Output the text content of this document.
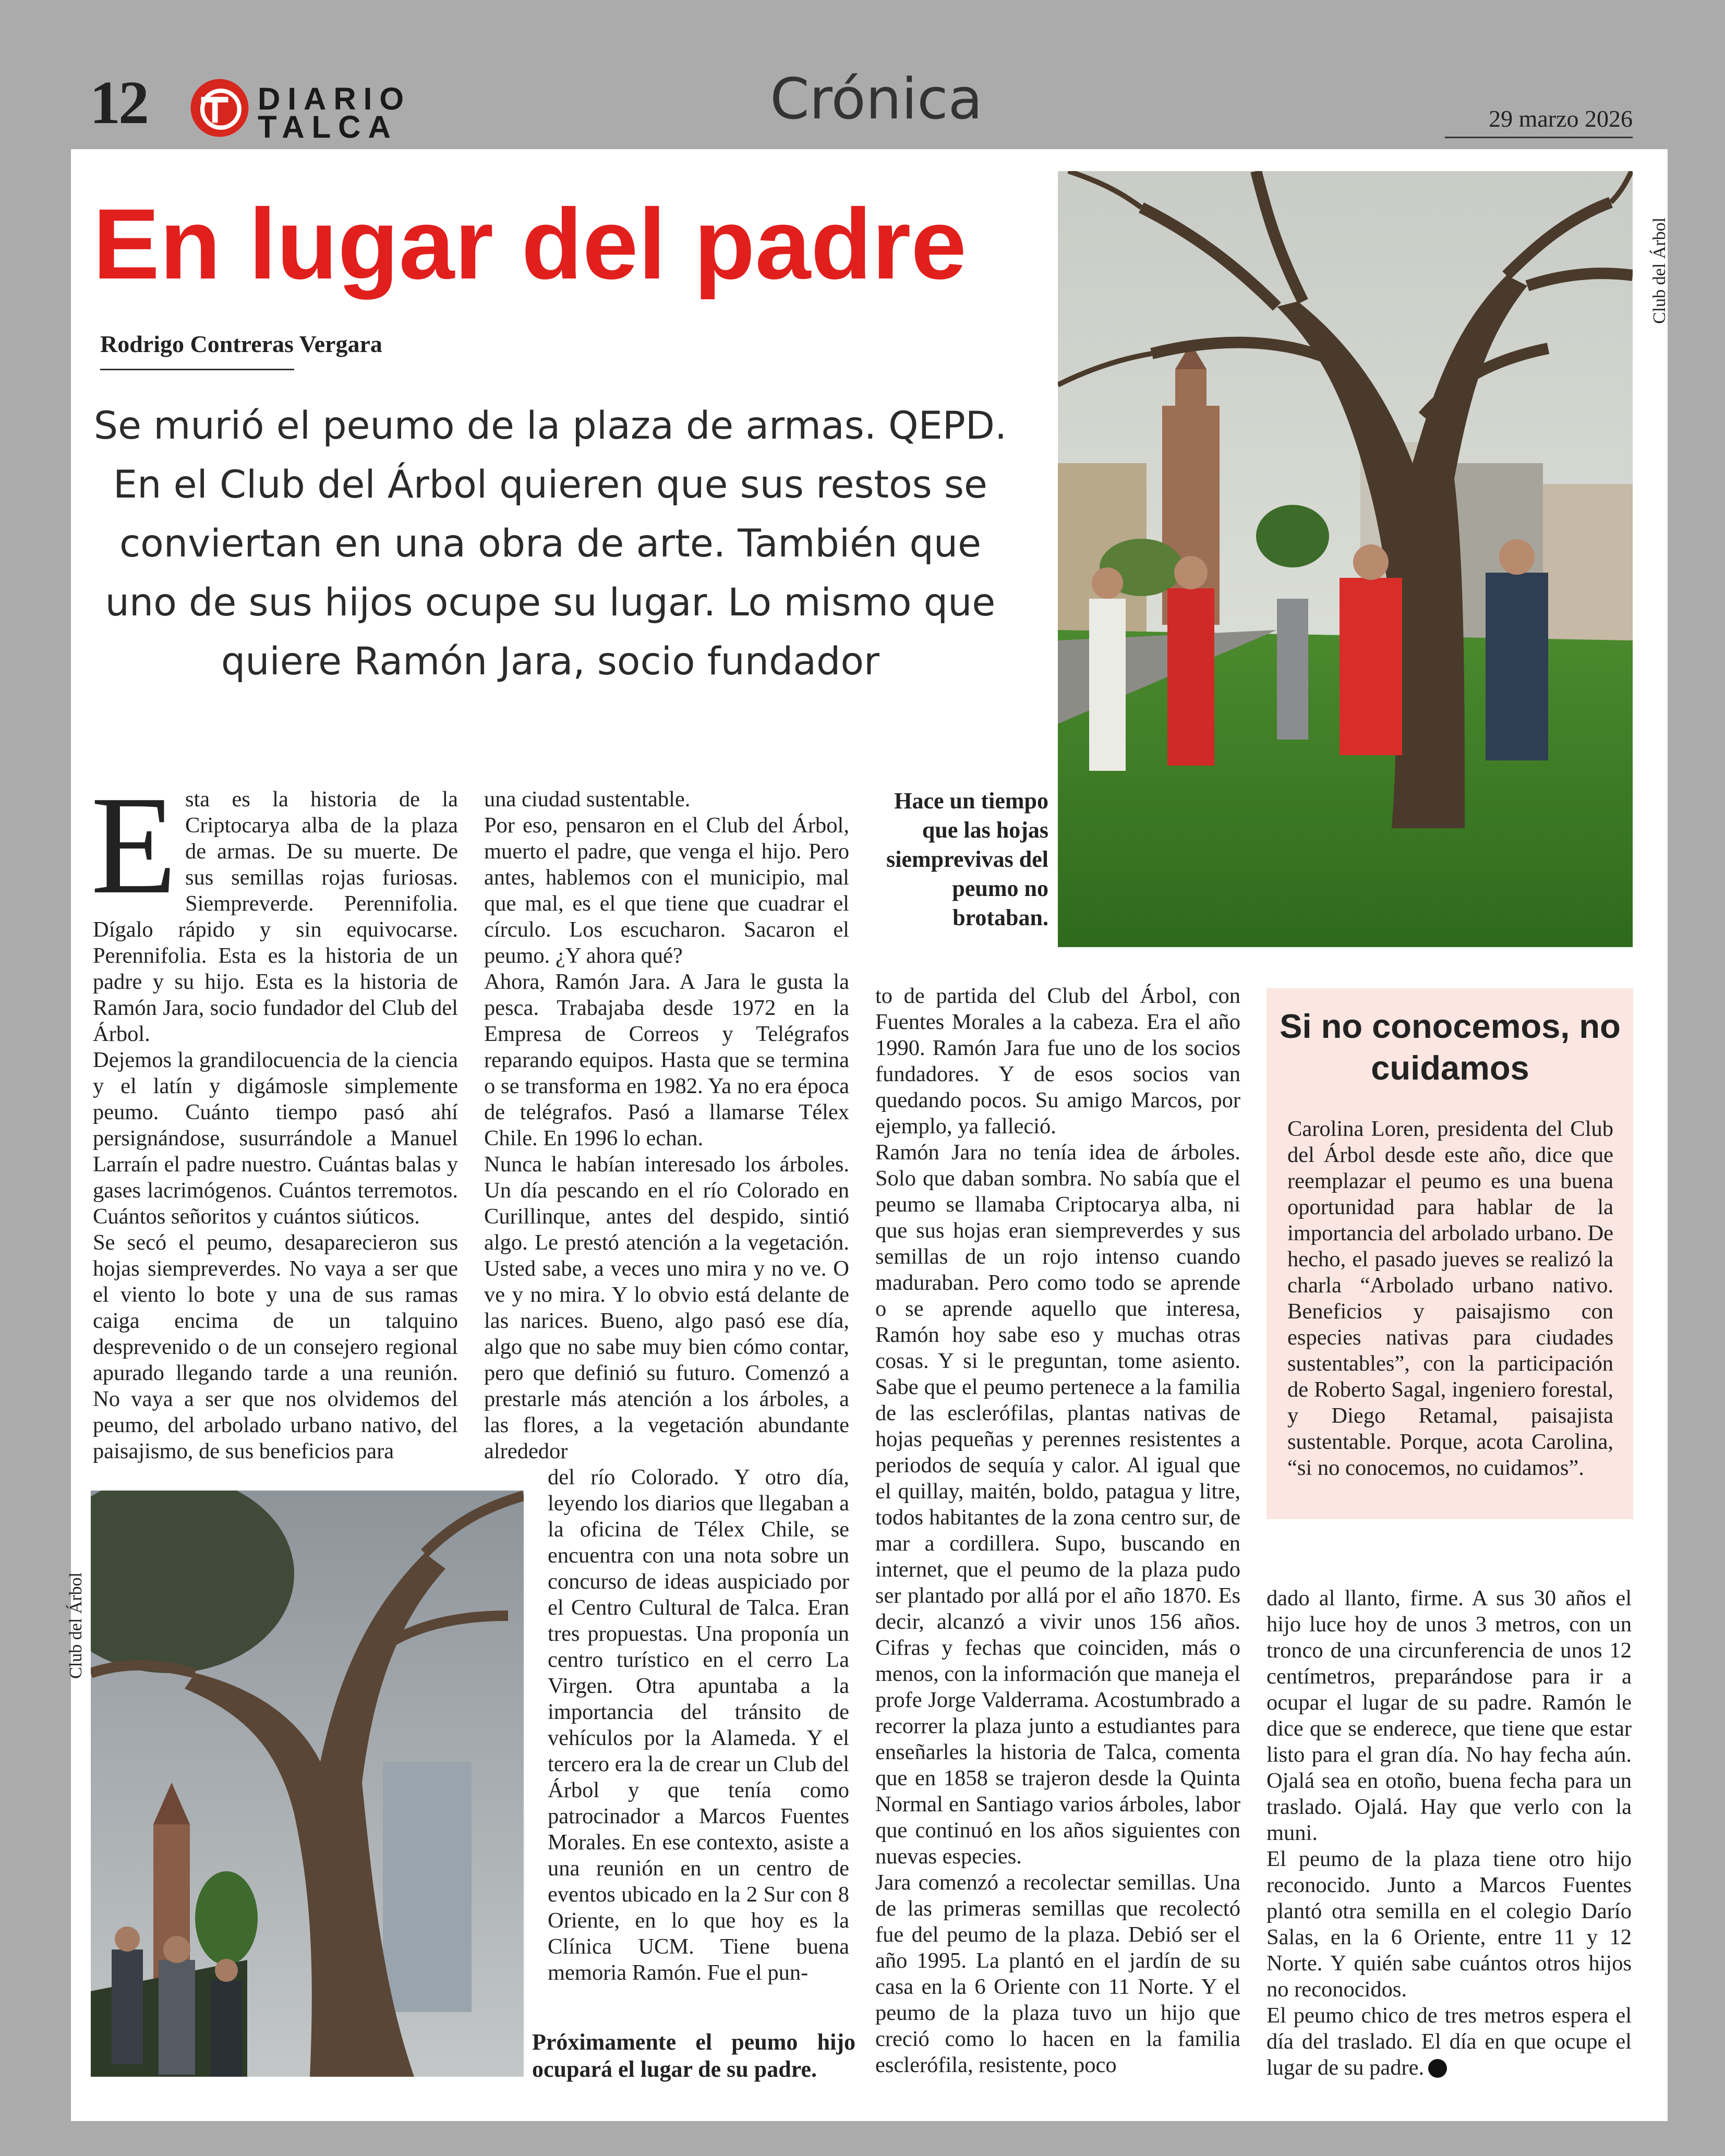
12	DIARIO
TALCA	Crónica	29 marzo 2026
En lugar del padre
Rodrigo Contreras Vergara
Se murió el peumo de la plaza de armas. QEPD. En el Club del Árbol quieren que sus restos se conviertan en una obra de arte. También que uno de sus hijos ocupe su lugar. Lo mismo que quiere Ramón Jara, socio fundador
Club del Árbol
Club del Árbol
Hace un tiempo que las hojas siemprevivas del peumo no brotaban.
Próximamente el peumo hijo ocupará el lugar de su padre.

Esta es la historia de la Criptocarya alba de la plaza de armas. De su muerte. De sus semillas rojas furiosas. Siempreverde. Perennifolia. Dígalo rápido y sin equivocarse. Perennifolia. Esta es la historia de un padre y su hijo. Esta es la historia de Ramón Jara, socio fundador del Club del Árbol.

Dejemos la grandilocuencia de la ciencia y el latín y digámosle simplemente peumo. Cuánto tiempo pasó ahí persignándose, susurrándole a Manuel Larraín el padre nuestro. Cuántas balas y gases lacrimógenos. Cuántos terremotos. Cuántos señoritos y cuántos siúticos.

Se secó el peumo, desaparecieron sus hojas siempreverdes. No vaya a ser que el viento lo bote y una de sus ramas caiga encima de un talquino desprevenido o de un consejero regional apurado llegando tarde a una reunión. No vaya a ser que nos olvidemos del peumo, del arbolado urbano nativo, del paisajismo, de sus beneficios para

una ciudad sustentable.

Por eso, pensaron en el Club del Árbol, muerto el padre, que venga el hijo. Pero antes, hablemos con el municipio, mal que mal, es el que tiene que cuadrar el círculo. Los escucharon. Sacaron el peumo. ¿Y ahora qué?

Ahora, Ramón Jara. A Jara le gusta la pesca. Trabajaba desde 1972 en la Empresa de Correos y Telégrafos reparando equipos. Hasta que se termina o se transforma en 1982. Ya no era época de telégrafos. Pasó a llamarse Télex Chile. En 1996 lo echan.

Nunca le habían interesado los árboles. Un día pescando en el río Colorado en Curillinque, antes del despido, sintió algo. Le prestó atención a la vegetación. Usted sabe, a veces uno mira y no ve. O ve y no mira. Y lo obvio está delante de las narices. Bueno, algo pasó ese día, algo que no sabe muy bien cómo contar, pero que definió su futuro. Comenzó a prestarle más atención a los árboles, a las flores, a la vegetación abundante alrededor

del río Colorado. Y otro día, leyendo los diarios que llegaban a la oficina de Télex Chile, se encuentra con una nota sobre un concurso de ideas auspiciado por el Centro Cultural de Talca. Eran tres propuestas. Una proponía un centro turístico en el cerro La Virgen. Otra apuntaba a la importancia del tránsito de vehículos por la Alameda. Y el tercero era la de crear un Club del Árbol y que tenía como patrocinador a Marcos Fuentes Morales. En ese contexto, asiste a una reunión en un centro de eventos ubicado en la 2 Sur con 8 Oriente, en lo que hoy es la Clínica UCM. Tiene buena memoria Ramón. Fue el pun-

to de partida del Club del Árbol, con Fuentes Morales a la cabeza. Era el año 1990. Ramón Jara fue uno de los socios fundadores. Y de esos socios van quedando pocos. Su amigo Marcos, por ejemplo, ya falleció.

Ramón Jara no tenía idea de árboles. Solo que daban sombra. No sabía que el peumo se llamaba Criptocarya alba, ni que sus hojas eran siempreverdes y sus semillas de un rojo intenso cuando maduraban. Pero como todo se aprende o se aprende aquello que interesa, Ramón hoy sabe eso y muchas otras cosas. Y si le preguntan, tome asiento. Sabe que el peumo pertenece a la familia de las esclerófilas, plantas nativas de hojas pequeñas y perennes resistentes a periodos de sequía y calor. Al igual que el quillay, maitén, boldo, patagua y litre, todos habitantes de la zona centro sur, de mar a cordillera. Supo, buscando en internet, que el peumo de la plaza pudo ser plantado por allá por el año 1870. Es decir, alcanzó a vivir unos 156 años. Cifras y fechas que coinciden, más o menos, con la información que maneja el profe Jorge Valderrama. Acostumbrado a recorrer la plaza junto a estudiantes para enseñarles la historia de Talca, comenta que en 1858 se trajeron desde la Quinta Normal en Santiago varios árboles, labor que continuó en los años siguientes con nuevas especies.

Jara comenzó a recolectar semillas. Una de las primeras semillas que recolectó fue del peumo de la plaza. Debió ser el año 1995. La plantó en el jardín de su casa en la 6 Oriente con 11 Norte. Y el peumo de la plaza tuvo un hijo que creció como lo hacen en la familia esclerófila, resistente, poco

Si no conocemos, no cuidamos
Carolina Loren, presidenta del Club del Árbol desde este año, dice que reemplazar el peumo es una buena oportunidad para hablar de la importancia del arbolado urbano. De hecho, el pasado jueves se realizó la charla “Arbolado urbano nativo. Beneficios y paisajismo con especies nativas para ciudades sustentables”, con la participación de Roberto Sagal, ingeniero forestal, y Diego Retamal, paisajista sustentable. Porque, acota Carolina, “si no conocemos, no cuidamos”.

dado al llanto, firme. A sus 30 años el hijo luce hoy de unos 3 metros, con un tronco de una circunferencia de unos 12 centímetros, preparándose para ir a ocupar el lugar de su padre. Ramón le dice que se enderece, que tiene que estar listo para el gran día. No hay fecha aún. Ojalá sea en otoño, buena fecha para un traslado. Ojalá. Hay que verlo con la muni.

El peumo de la plaza tiene otro hijo reconocido. Junto a Marcos Fuentes plantó otra semilla en el colegio Darío Salas, en la 6 Oriente, entre 11 y 12 Norte. Y quién sabe cuántos otros hijos no reconocidos.

El peumo chico de tres metros espera el día del traslado. El día en que ocupe el lugar de su padre.
